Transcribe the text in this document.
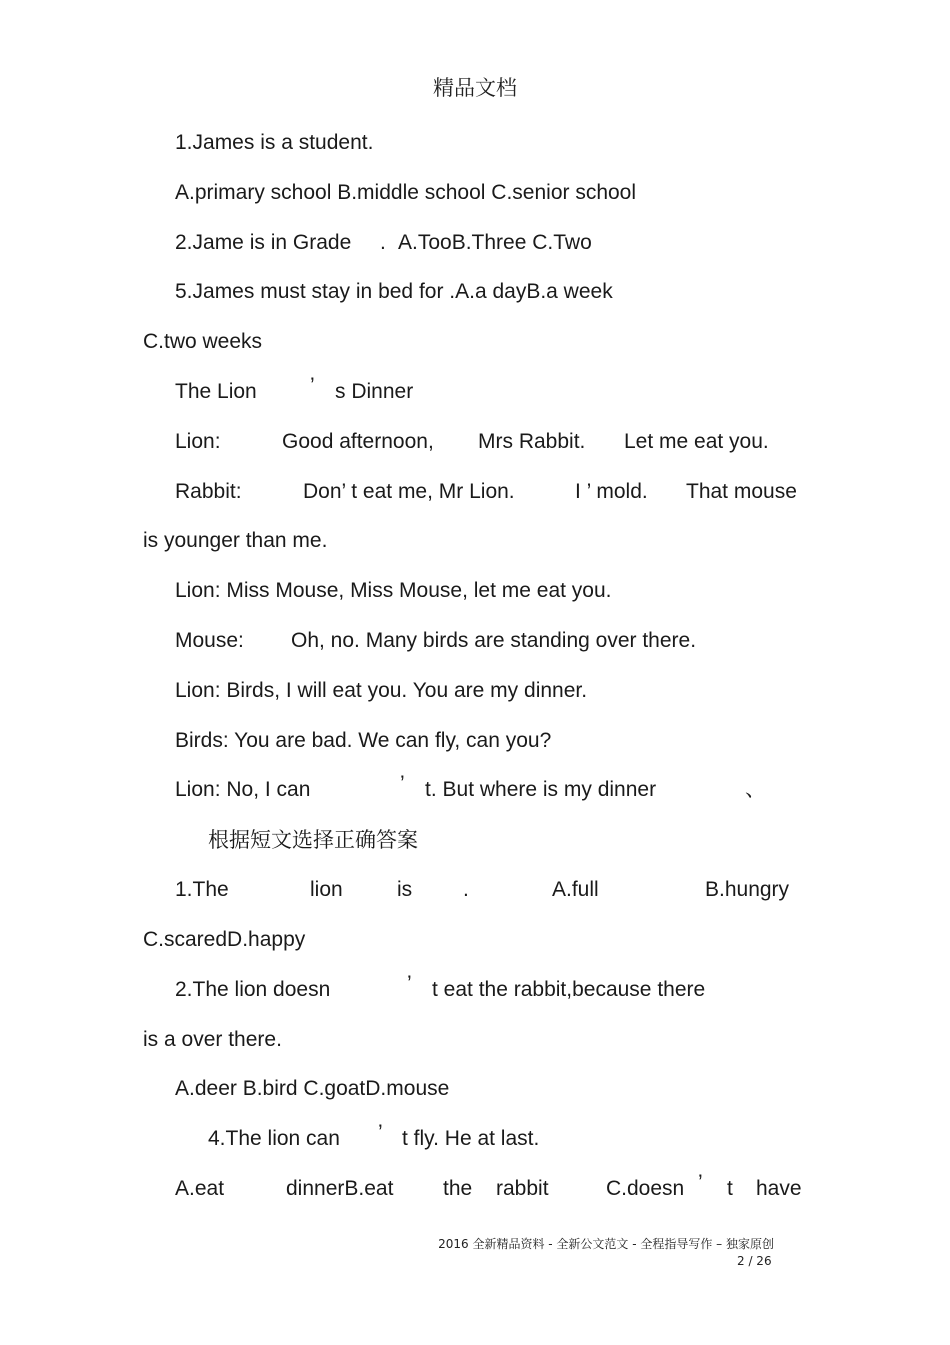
精品文档
1.James is a student.
A.primary school B.middle school C.senior school
2.Jame is in Grade . A.TooB.Three C.Two
5.James must stay in bed for .A.a dayB.a week
C.two weeks
The Lion	’ s Dinner
Lion:	Good afternoon, Mrs Rabbit. Let me eat you.
Rabbit:	Don’ t eat me, Mr Lion.	I ’ mold. That mouse
is younger than me.
Lion: Miss Mouse, Miss Mouse, let me eat you.
Mouse: Oh, no. Many birds are standing over there.
Lion: Birds, I will eat you. You are my dinner.
Birds: You are bad. We can fly, can you?
Lion: No, I can	’ t. But where is my dinner	、
根据短文选择正确答案
1.The	lion	is .	A.full	B.hungry
C.scaredD.happy
2.The lion doesn	’ t eat the rabbit,because there
is a over there.
A.deer B.bird C.goatD.mouse
4.The lion can ’ t fly. He at last.
A.eat	dinnerB.eat the rabbit	C.doesn ’ t have
2016 全新精品资料 - 全新公文范文 - 全程指导写作 – 独家原创
2 / 26
